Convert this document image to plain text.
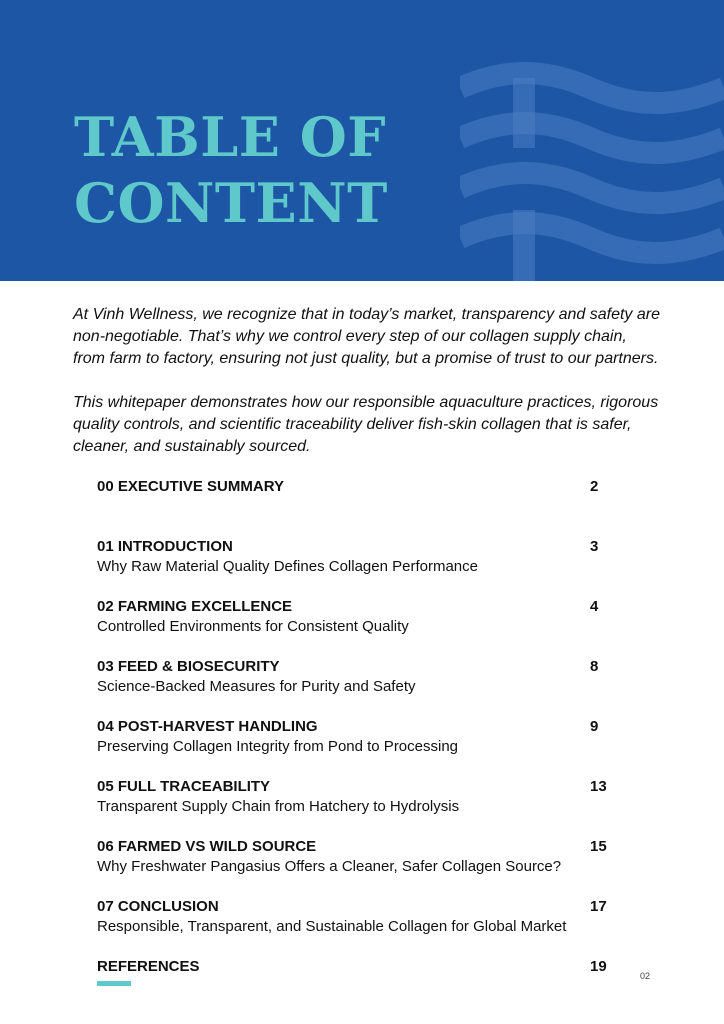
TABLE OF
CONTENT

At Vinh Wellness, we recognize that in today’s market, transparency and safety are non-negotiable. That’s why we control every step of our collagen supply chain, from farm to factory, ensuring not just quality, but a promise of trust to our partners.

This whitepaper demonstrates how our responsible aquaculture practices, rigorous quality controls, and scientific traceability deliver fish-skin collagen that is safer, cleaner, and sustainably sourced.

00 EXECUTIVE SUMMARY	2
01 INTRODUCTION
Why Raw Material Quality Defines Collagen Performance
3
02 FARMING EXCELLENCE
Controlled Environments for Consistent Quality
4
03 FEED & BIOSECURITY
Science-Backed Measures for Purity and Safety
8
04 POST-HARVEST HANDLING
Preserving Collagen Integrity from Pond to Processing
9
05 FULL TRACEABILITY
Transparent Supply Chain from Hatchery to Hydrolysis
13
06 FARMED VS WILD SOURCE
Why Freshwater Pangasius Offers a Cleaner, Safer Collagen Source?
15
07 CONCLUSION
Responsible, Transparent, and Sustainable Collagen for Global Market
17
REFERENCES	19
02
